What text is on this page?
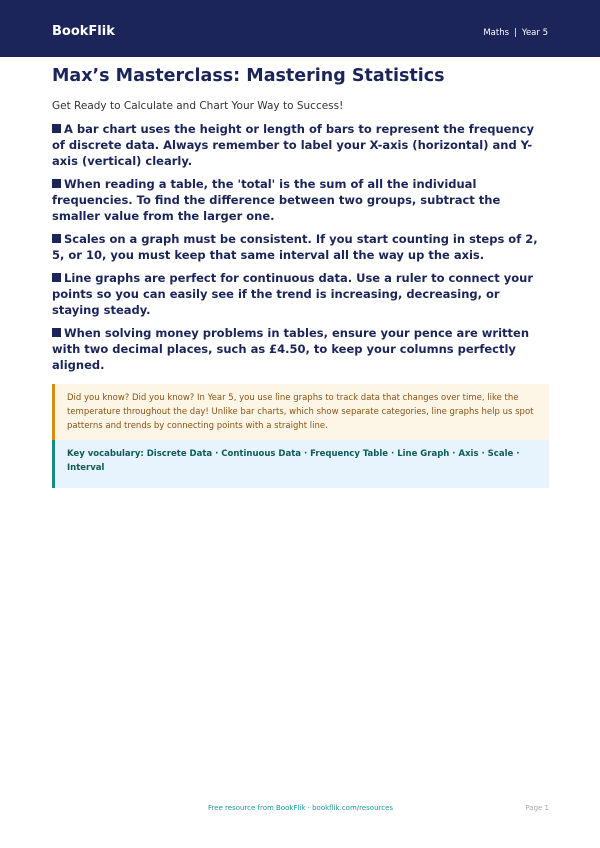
BookFlik	Maths | Year 5
Max’s Masterclass: Mastering Statistics

Get Ready to Calculate and Chart Your Way to Success!

A bar chart uses the height or length of bars to represent the frequency of discrete data. Always remember to label your X-axis (horizontal) and Y-axis (vertical) clearly.
When reading a table, the 'total' is the sum of all the individual frequencies. To find the difference between two groups, subtract the smaller value from the larger one.
Scales on a graph must be consistent. If you start counting in steps of 2, 5, or 10, you must keep that same interval all the way up the axis.
Line graphs are perfect for continuous data. Use a ruler to connect your points so you can easily see if the trend is increasing, decreasing, or staying steady.
When solving money problems in tables, ensure your pence are written with two decimal places, such as £4.50, to keep your columns perfectly aligned.
Did you know? Did you know? In Year 5, you use line graphs to track data that changes over time, like the temperature throughout the day! Unlike bar charts, which show separate categories, line graphs help us spot patterns and trends by connecting points with a straight line.
Key vocabulary: Discrete Data · Continuous Data · Frequency Table · Line Graph · Axis · Scale · Interval
Free resource from BookFlik · bookflik.com/resources	Page 1
